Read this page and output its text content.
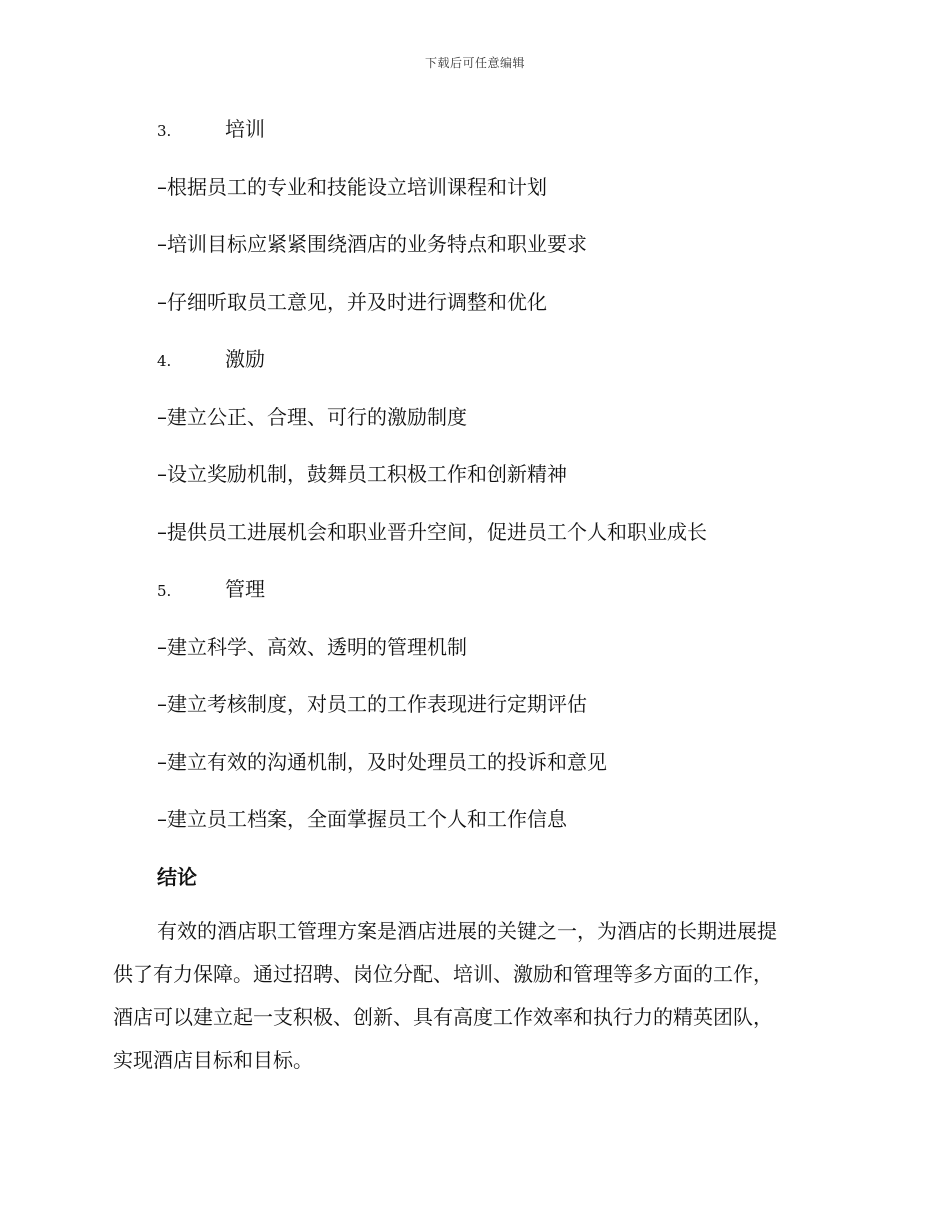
下载后可任意编辑
3.	培训
–根据员工的专业和技能设立培训课程和计划
–培训目标应紧紧围绕酒店的业务特点和职业要求
–仔细听取员工意见，并及时进行调整和优化
4.	激励
–建立公正、合理、可行的激励制度
–设立奖励机制，鼓舞员工积极工作和创新精神
–提供员工进展机会和职业晋升空间，促进员工个人和职业成长
5.	管理
–建立科学、高效、透明的管理机制
–建立考核制度，对员工的工作表现进行定期评估
–建立有效的沟通机制，及时处理员工的投诉和意见
–建立员工档案，全面掌握员工个人和工作信息
结论
有效的酒店职工管理方案是酒店进展的关键之一，为酒店的长期进展提
供了有力保障。通过招聘、岗位分配、培训、激励和管理等多方面的工作，
酒店可以建立起一支积极、创新、具有高度工作效率和执行力的精英团队，
实现酒店目标和目标。
